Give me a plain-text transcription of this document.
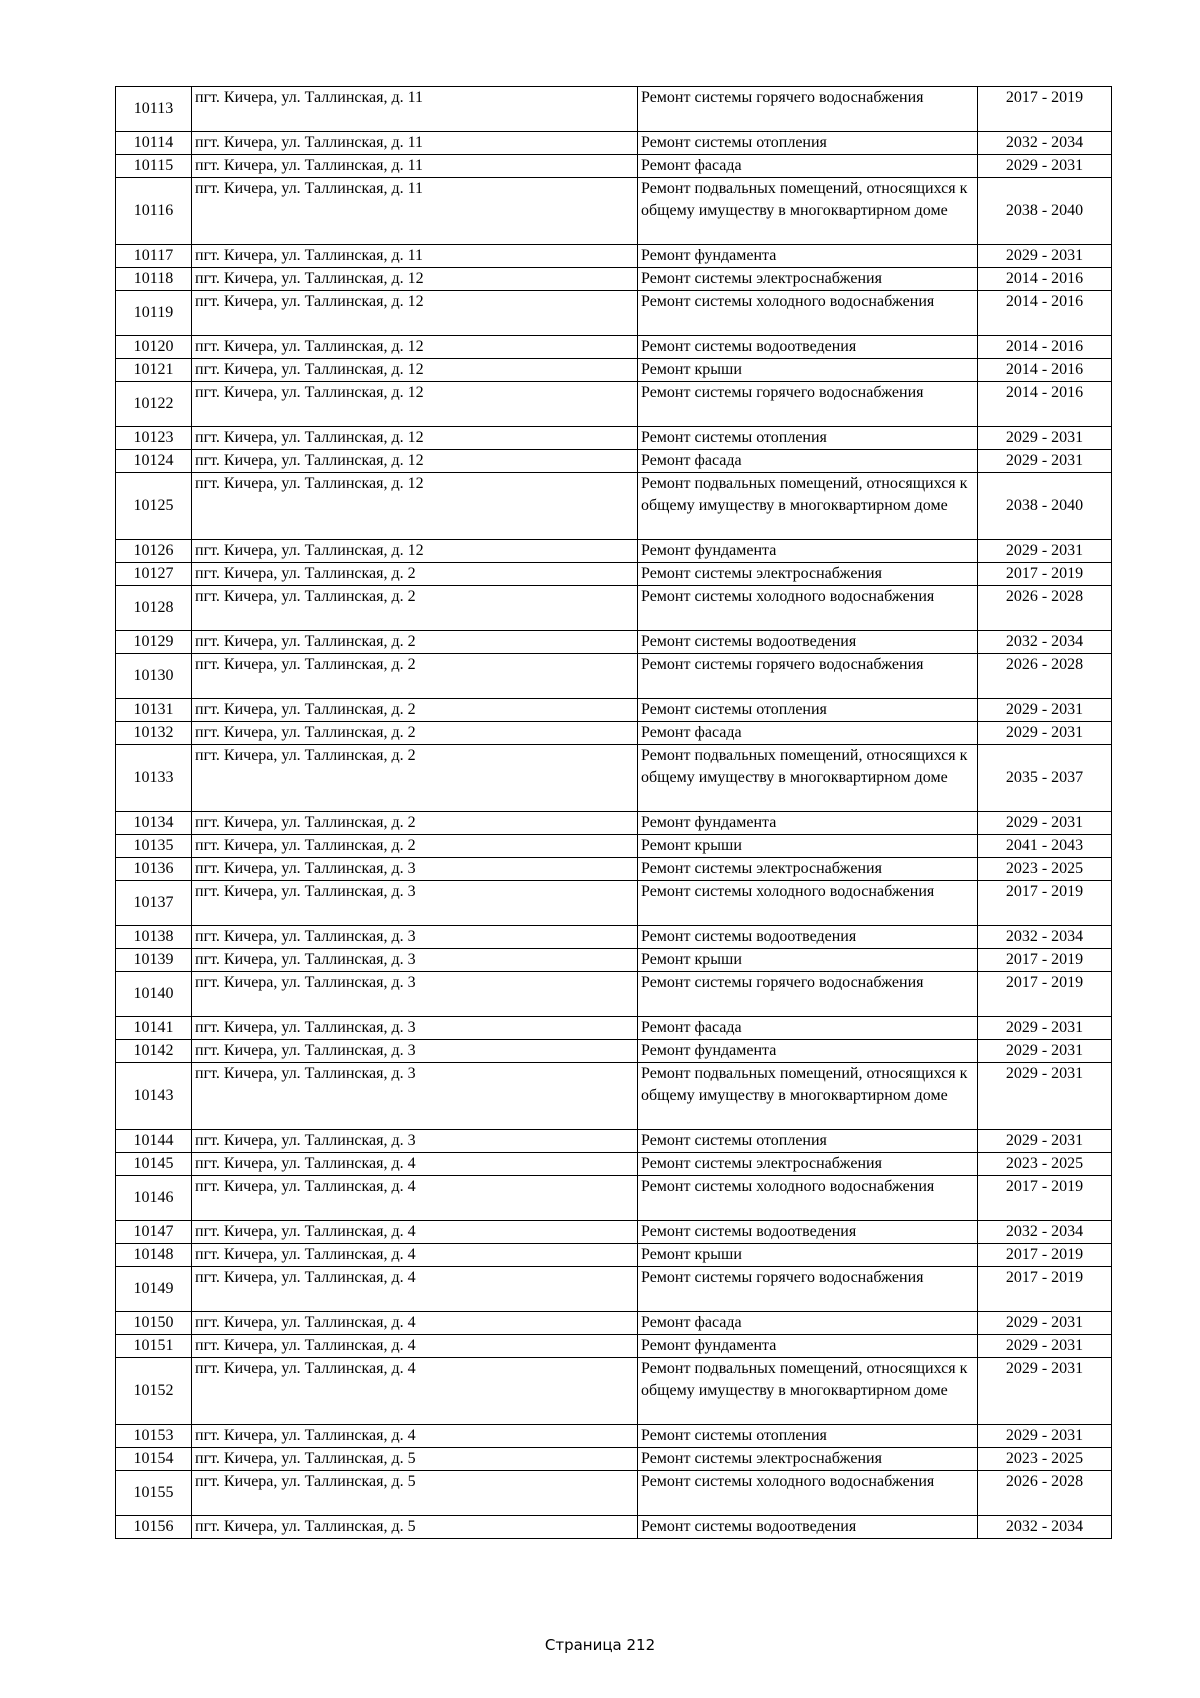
10113	пгт. Кичера, ул. Таллинская, д. 11	Ремонт системы горячего водоснабжения	2017 - 2019
10114	пгт. Кичера, ул. Таллинская, д. 11	Ремонт системы отопления	2032 - 2034
10115	пгт. Кичера, ул. Таллинская, д. 11	Ремонт фасада	2029 - 2031
10116	пгт. Кичера, ул. Таллинская, д. 11	Ремонт подвальных помещений, относящихся к общему имуществу в многоквартирном доме	2038 - 2040
10117	пгт. Кичера, ул. Таллинская, д. 11	Ремонт фундамента	2029 - 2031
10118	пгт. Кичера, ул. Таллинская, д. 12	Ремонт системы электроснабжения	2014 - 2016
10119	пгт. Кичера, ул. Таллинская, д. 12	Ремонт системы холодного водоснабжения	2014 - 2016
10120	пгт. Кичера, ул. Таллинская, д. 12	Ремонт системы водоотведения	2014 - 2016
10121	пгт. Кичера, ул. Таллинская, д. 12	Ремонт крыши	2014 - 2016
10122	пгт. Кичера, ул. Таллинская, д. 12	Ремонт системы горячего водоснабжения	2014 - 2016
10123	пгт. Кичера, ул. Таллинская, д. 12	Ремонт системы отопления	2029 - 2031
10124	пгт. Кичера, ул. Таллинская, д. 12	Ремонт фасада	2029 - 2031
10125	пгт. Кичера, ул. Таллинская, д. 12	Ремонт подвальных помещений, относящихся к общему имуществу в многоквартирном доме	2038 - 2040
10126	пгт. Кичера, ул. Таллинская, д. 12	Ремонт фундамента	2029 - 2031
10127	пгт. Кичера, ул. Таллинская, д. 2	Ремонт системы электроснабжения	2017 - 2019
10128	пгт. Кичера, ул. Таллинская, д. 2	Ремонт системы холодного водоснабжения	2026 - 2028
10129	пгт. Кичера, ул. Таллинская, д. 2	Ремонт системы водоотведения	2032 - 2034
10130	пгт. Кичера, ул. Таллинская, д. 2	Ремонт системы горячего водоснабжения	2026 - 2028
10131	пгт. Кичера, ул. Таллинская, д. 2	Ремонт системы отопления	2029 - 2031
10132	пгт. Кичера, ул. Таллинская, д. 2	Ремонт фасада	2029 - 2031
10133	пгт. Кичера, ул. Таллинская, д. 2	Ремонт подвальных помещений, относящихся к общему имуществу в многоквартирном доме	2035 - 2037
10134	пгт. Кичера, ул. Таллинская, д. 2	Ремонт фундамента	2029 - 2031
10135	пгт. Кичера, ул. Таллинская, д. 2	Ремонт крыши	2041 - 2043
10136	пгт. Кичера, ул. Таллинская, д. 3	Ремонт системы электроснабжения	2023 - 2025
10137	пгт. Кичера, ул. Таллинская, д. 3	Ремонт системы холодного водоснабжения	2017 - 2019
10138	пгт. Кичера, ул. Таллинская, д. 3	Ремонт системы водоотведения	2032 - 2034
10139	пгт. Кичера, ул. Таллинская, д. 3	Ремонт крыши	2017 - 2019
10140	пгт. Кичера, ул. Таллинская, д. 3	Ремонт системы горячего водоснабжения	2017 - 2019
10141	пгт. Кичера, ул. Таллинская, д. 3	Ремонт фасада	2029 - 2031
10142	пгт. Кичера, ул. Таллинская, д. 3	Ремонт фундамента	2029 - 2031
10143	пгт. Кичера, ул. Таллинская, д. 3	Ремонт подвальных помещений, относящихся к общему имуществу в многоквартирном доме	2029 - 2031
10144	пгт. Кичера, ул. Таллинская, д. 3	Ремонт системы отопления	2029 - 2031
10145	пгт. Кичера, ул. Таллинская, д. 4	Ремонт системы электроснабжения	2023 - 2025
10146	пгт. Кичера, ул. Таллинская, д. 4	Ремонт системы холодного водоснабжения	2017 - 2019
10147	пгт. Кичера, ул. Таллинская, д. 4	Ремонт системы водоотведения	2032 - 2034
10148	пгт. Кичера, ул. Таллинская, д. 4	Ремонт крыши	2017 - 2019
10149	пгт. Кичера, ул. Таллинская, д. 4	Ремонт системы горячего водоснабжения	2017 - 2019
10150	пгт. Кичера, ул. Таллинская, д. 4	Ремонт фасада	2029 - 2031
10151	пгт. Кичера, ул. Таллинская, д. 4	Ремонт фундамента	2029 - 2031
10152	пгт. Кичера, ул. Таллинская, д. 4	Ремонт подвальных помещений, относящихся к общему имуществу в многоквартирном доме	2029 - 2031
10153	пгт. Кичера, ул. Таллинская, д. 4	Ремонт системы отопления	2029 - 2031
10154	пгт. Кичера, ул. Таллинская, д. 5	Ремонт системы электроснабжения	2023 - 2025
10155	пгт. Кичера, ул. Таллинская, д. 5	Ремонт системы холодного водоснабжения	2026 - 2028
10156	пгт. Кичера, ул. Таллинская, д. 5	Ремонт системы водоотведения	2032 - 2034
Страница 212
